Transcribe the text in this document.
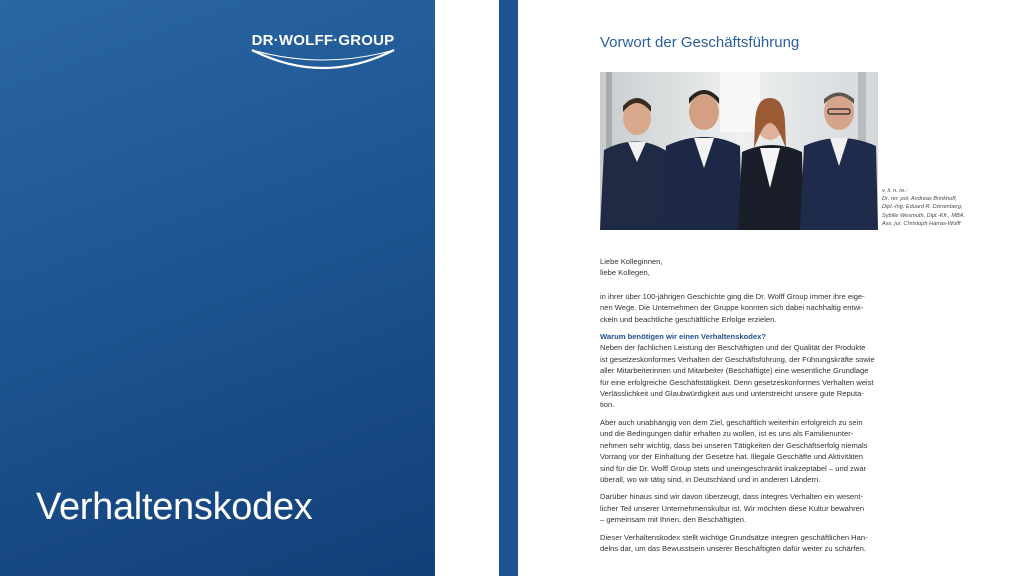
DR·WOLFF·GROUP
Verhaltenskodex
Vorwort der Geschäftsführung
v. li. n. re.:
Dr. rer. pol. Andreas Brinkhoff,
Dipl.-Ing. Eduard R. Dörrenberg,
Sybille Wesmuth, Dipl.-Kfr., MBA,
Ass. jur. Christoph Harras-Wolff

Liebe Kolleginnen,
liebe Kollegen,

in ihrer über 100-jährigen Geschichte ging die Dr. Wolff Group immer ihre eige-
nen Wege. Die Unternehmen der Gruppe konnten sich dabei nachhaltig entwi-
ckeln und beachtliche geschäftliche Erfolge erzielen.

Warum benötigen wir einen Verhaltenskodex?

Neben der fachlichen Leistung der Beschäftigten und der Qualität der Produkte
ist gesetzeskonformes Verhalten der Geschäftsführung, der Führungskräfte sowie
aller Mitarbeiterinnen und Mitarbeiter (Beschäftigte) eine wesentliche Grundlage
für eine erfolgreiche Geschäftstätigkeit. Denn gesetzeskonformes Verhalten weist
Verlässlichkeit und Glaubwürdigkeit aus und unterstreicht unsere gute Reputa-
tion.

Aber auch unabhängig von dem Ziel, geschäftlich weiterhin erfolgreich zu sein
und die Bedingungen dafür erhalten zu wollen, ist es uns als Familienunter-
nehmen sehr wichtig, dass bei unseren Tätigkeiten der Geschäftserfolg niemals
Vorrang vor der Einhaltung der Gesetze hat. Illegale Geschäfte und Aktivitäten
sind für die Dr. Wolff Group stets und uneingeschränkt inakzeptabel – und zwar
überall, wo wir tätig sind, in Deutschland und in anderen Ländern.

Darüber hinaus sind wir davon überzeugt, dass integres Verhalten ein wesent-
licher Teil unserer Unternehmenskultur ist. Wir möchten diese Kultur bewahren
– gemeinsam mit Ihnen, den Beschäftigten.

Dieser Verhaltenskodex stellt wichtige Grundsätze integren geschäftlichen Han-
delns dar, um das Bewusstsein unserer Beschäftigten dafür weiter zu schärfen.
